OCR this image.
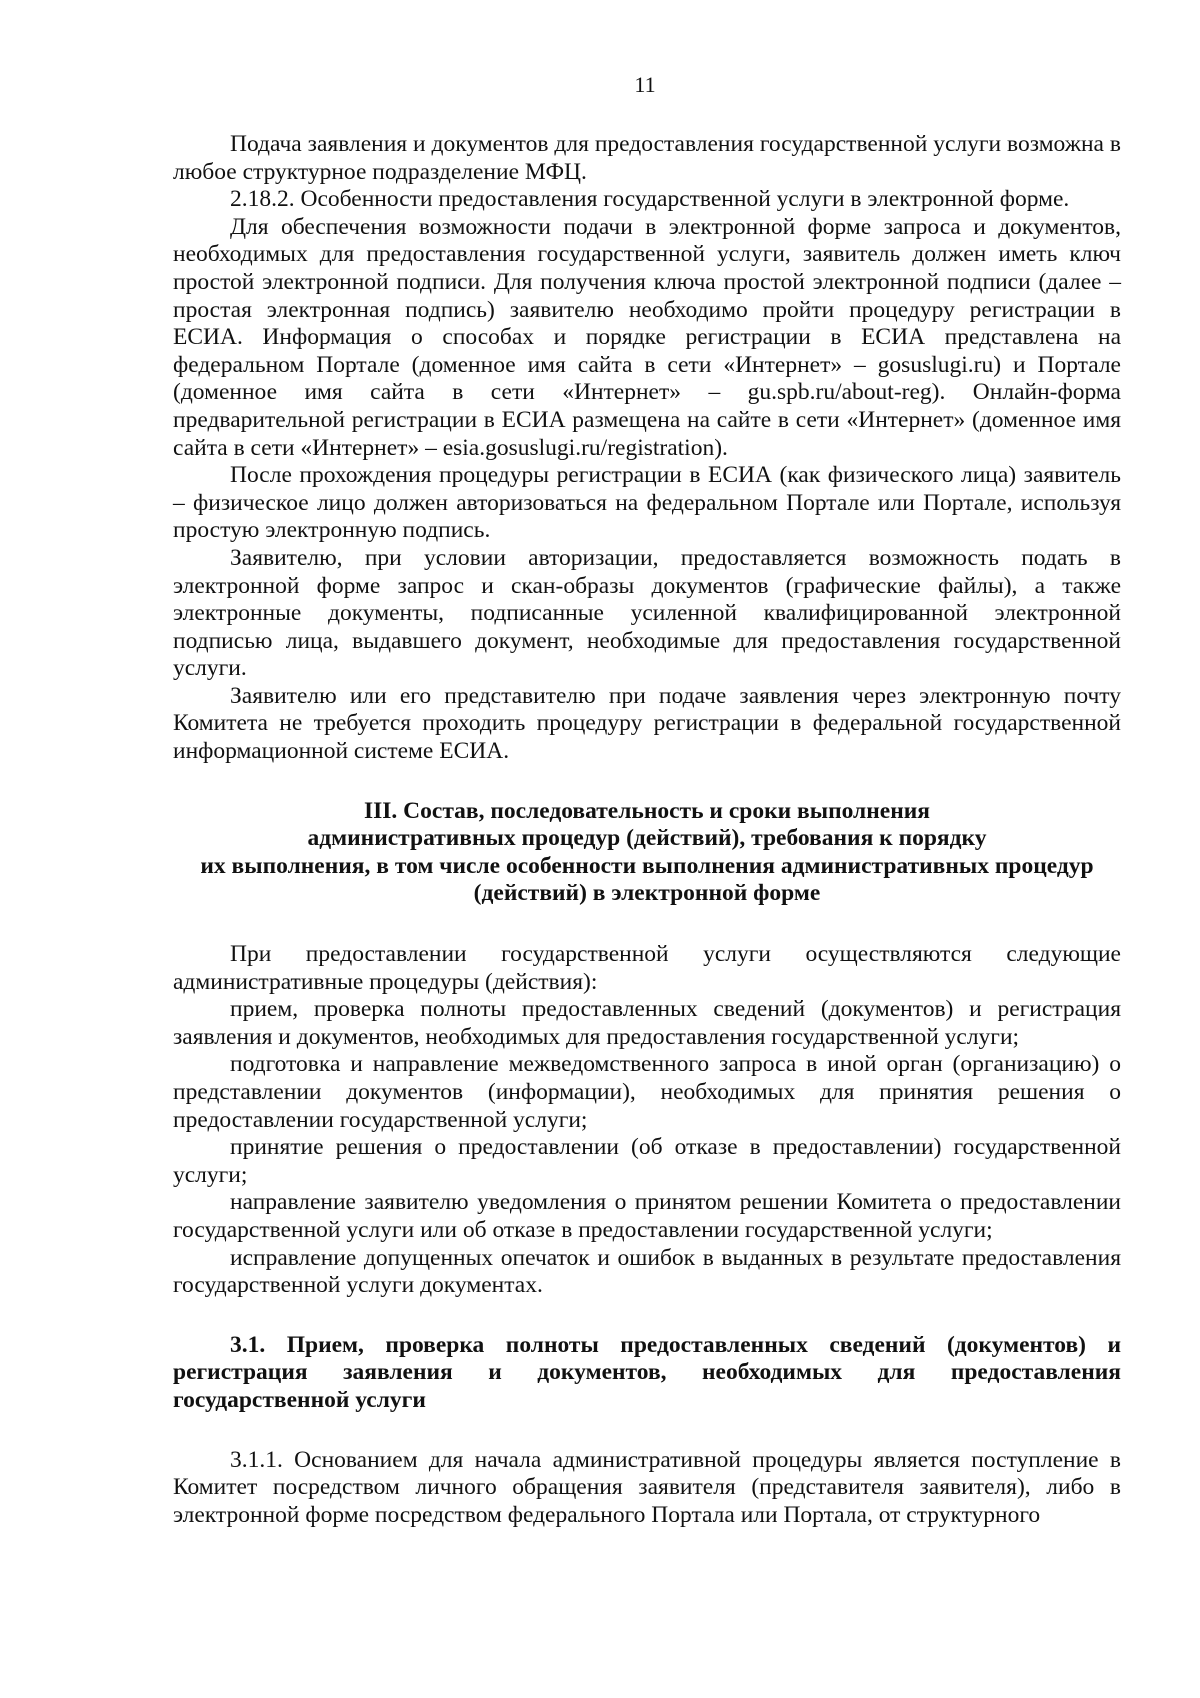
11

Подача заявления и документов для предоставления государственной услуги возможна в любое структурное подразделение МФЦ.

2.18.2. Особенности предоставления государственной услуги в электронной форме.

Для обеспечения возможности подачи в электронной форме запроса и документов, необходимых для предоставления государственной услуги, заявитель должен иметь ключ простой электронной подписи. Для получения ключа простой электронной подписи (далее – простая электронная подпись) заявителю необходимо пройти процедуру регистрации в ЕСИА. Информация о способах и порядке регистрации в ЕСИА представлена на федеральном Портале (доменное имя сайта в сети «Интернет» – gosuslugi.ru) и Портале (доменное имя сайта в сети «Интернет» – gu.spb.ru/about-reg). Онлайн-форма предварительной регистрации в ЕСИА размещена на сайте в сети «Интернет» (доменное имя сайта в сети «Интернет» – esia.gosuslugi.ru/registration).

После прохождения процедуры регистрации в ЕСИА (как физического лица) заявитель – физическое лицо должен авторизоваться на федеральном Портале или Портале, используя простую электронную подпись.

Заявителю, при условии авторизации, предоставляется возможность подать в электронной форме запрос и скан-образы документов (графические файлы), а также электронные документы, подписанные усиленной квалифицированной электронной подписью лица, выдавшего документ, необходимые для предоставления государственной услуги.

Заявителю или его представителю при подаче заявления через электронную почту Комитета не требуется проходить процедуру регистрации в федеральной государственной информационной системе ЕСИА.

III. Состав, последовательность и сроки выполнения
административных процедур (действий), требования к порядку
их выполнения, в том числе особенности выполнения административных процедур
(действий) в электронной форме

При предоставлении государственной услуги осуществляются следующие административные процедуры (действия):

прием, проверка полноты предоставленных сведений (документов) и регистрация заявления и документов, необходимых для предоставления государственной услуги;

подготовка и направление межведомственного запроса в иной орган (организацию) о представлении документов (информации), необходимых для принятия решения о предоставлении государственной услуги;

принятие решения о предоставлении (об отказе в предоставлении) государственной услуги;

направление заявителю уведомления о принятом решении Комитета о предоставлении государственной услуги или об отказе в предоставлении государственной услуги;

исправление допущенных опечаток и ошибок в выданных в результате предоставления государственной услуги документах.

3.1. Прием, проверка полноты предоставленных сведений (документов) и регистрация заявления и документов, необходимых для предоставления государственной услуги

3.1.1. Основанием для начала административной процедуры является поступление в Комитет посредством личного обращения заявителя (представителя заявителя), либо в электронной форме посредством федерального Портала или Портала, от структурного
